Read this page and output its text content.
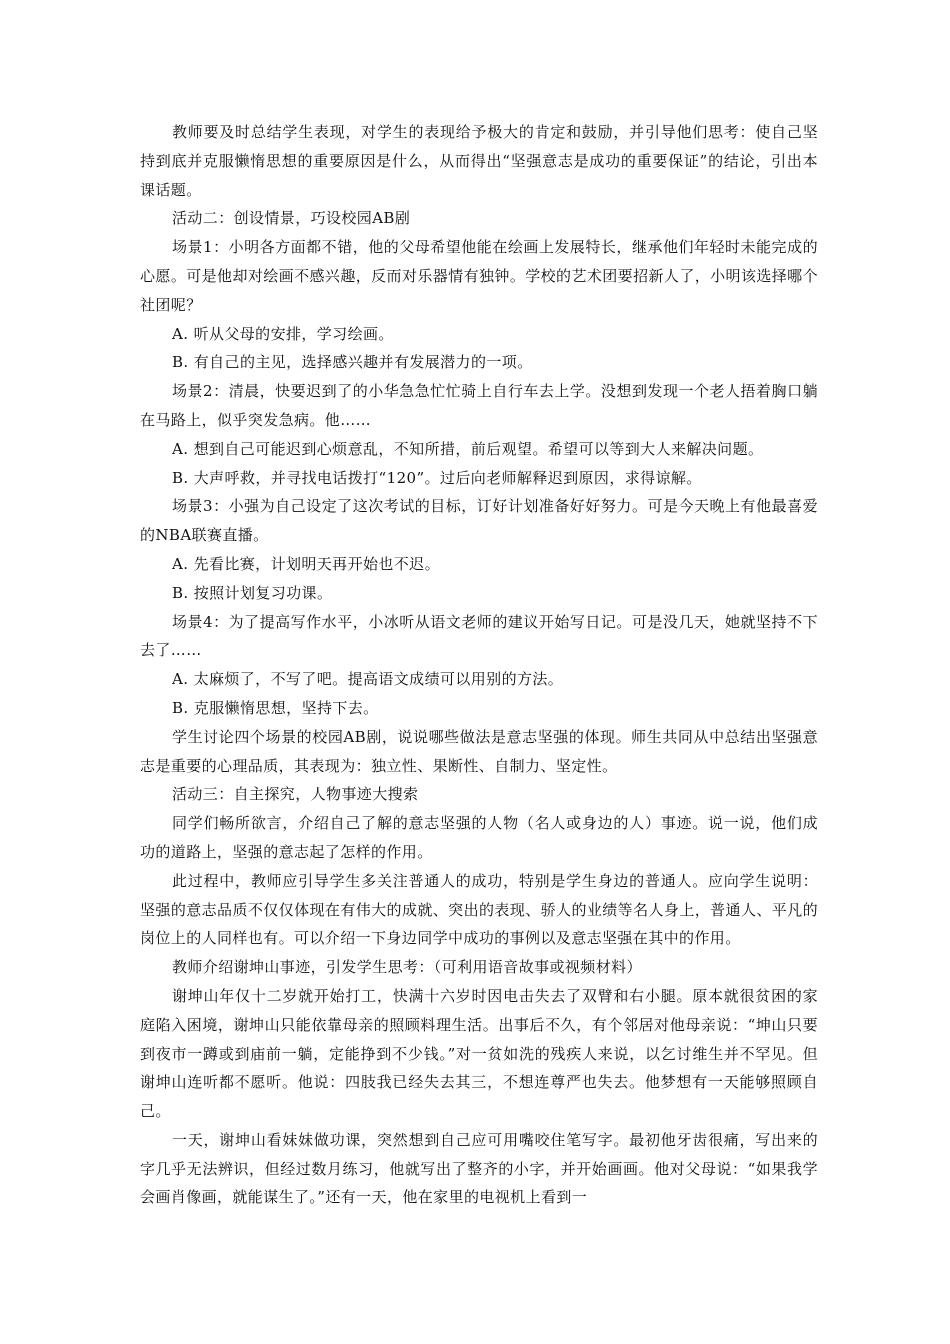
教师要及时总结学生表现，对学生的表现给予极大的肯定和鼓励，并引导他们思考：使自己坚持到底并克服懒惰思想的重要原因是什么，从而得出“坚强意志是成功的重要保证”的结论，引出本课话题。

活动二：创设情景，巧设校园AB剧

场景1：小明各方面都不错，他的父母希望他能在绘画上发展特长，继承他们年轻时未能完成的心愿。可是他却对绘画不感兴趣，反而对乐器情有独钟。学校的艺术团要招新人了，小明该选择哪个社团呢？

A. 听从父母的安排，学习绘画。

B. 有自己的主见，选择感兴趣并有发展潜力的一项。

场景2：清晨，快要迟到了的小华急急忙忙骑上自行车去上学。没想到发现一个老人捂着胸口躺在马路上，似乎突发急病。他……

A. 想到自己可能迟到心烦意乱，不知所措，前后观望。希望可以等到大人来解决问题。

B. 大声呼救，并寻找电话拨打“120”。过后向老师解释迟到原因，求得谅解。

场景3：小强为自己设定了这次考试的目标，订好计划准备好好努力。可是今天晚上有他最喜爱的NBA联赛直播。

A. 先看比赛，计划明天再开始也不迟。

B. 按照计划复习功课。

场景4：为了提高写作水平，小冰听从语文老师的建议开始写日记。可是没几天，她就坚持不下去了……

A. 太麻烦了，不写了吧。提高语文成绩可以用别的方法。

B. 克服懒惰思想，坚持下去。

学生讨论四个场景的校园AB剧，说说哪些做法是意志坚强的体现。师生共同从中总结出坚强意志是重要的心理品质，其表现为：独立性、果断性、自制力、坚定性。

活动三：自主探究，人物事迹大搜索

同学们畅所欲言，介绍自己了解的意志坚强的人物（名人或身边的人）事迹。说一说，他们成功的道路上，坚强的意志起了怎样的作用。

此过程中，教师应引导学生多关注普通人的成功，特别是学生身边的普通人。应向学生说明：坚强的意志品质不仅仅体现在有伟大的成就、突出的表现、骄人的业绩等名人身上，普通人、平凡的岗位上的人同样也有。可以介绍一下身边同学中成功的事例以及意志坚强在其中的作用。

教师介绍谢坤山事迹，引发学生思考：（可利用语音故事或视频材料）

谢坤山年仅十二岁就开始打工，快满十六岁时因电击失去了双臂和右小腿。原本就很贫困的家庭陷入困境，谢坤山只能依靠母亲的照顾料理生活。出事后不久，有个邻居对他母亲说：“坤山只要到夜市一蹲或到庙前一躺，定能挣到不少钱。”对一贫如洗的残疾人来说，以乞讨维生并不罕见。但谢坤山连听都不愿听。他说：四肢我已经失去其三，不想连尊严也失去。他梦想有一天能够照顾自己。

一天，谢坤山看妹妹做功课，突然想到自己应可用嘴咬住笔写字。最初他牙齿很痛，写出来的字几乎无法辨识，但经过数月练习，他就写出了整齐的小字，并开始画画。他对父母说：“如果我学会画肖像画，就能谋生了。”还有一天，他在家里的电视机上看到一
